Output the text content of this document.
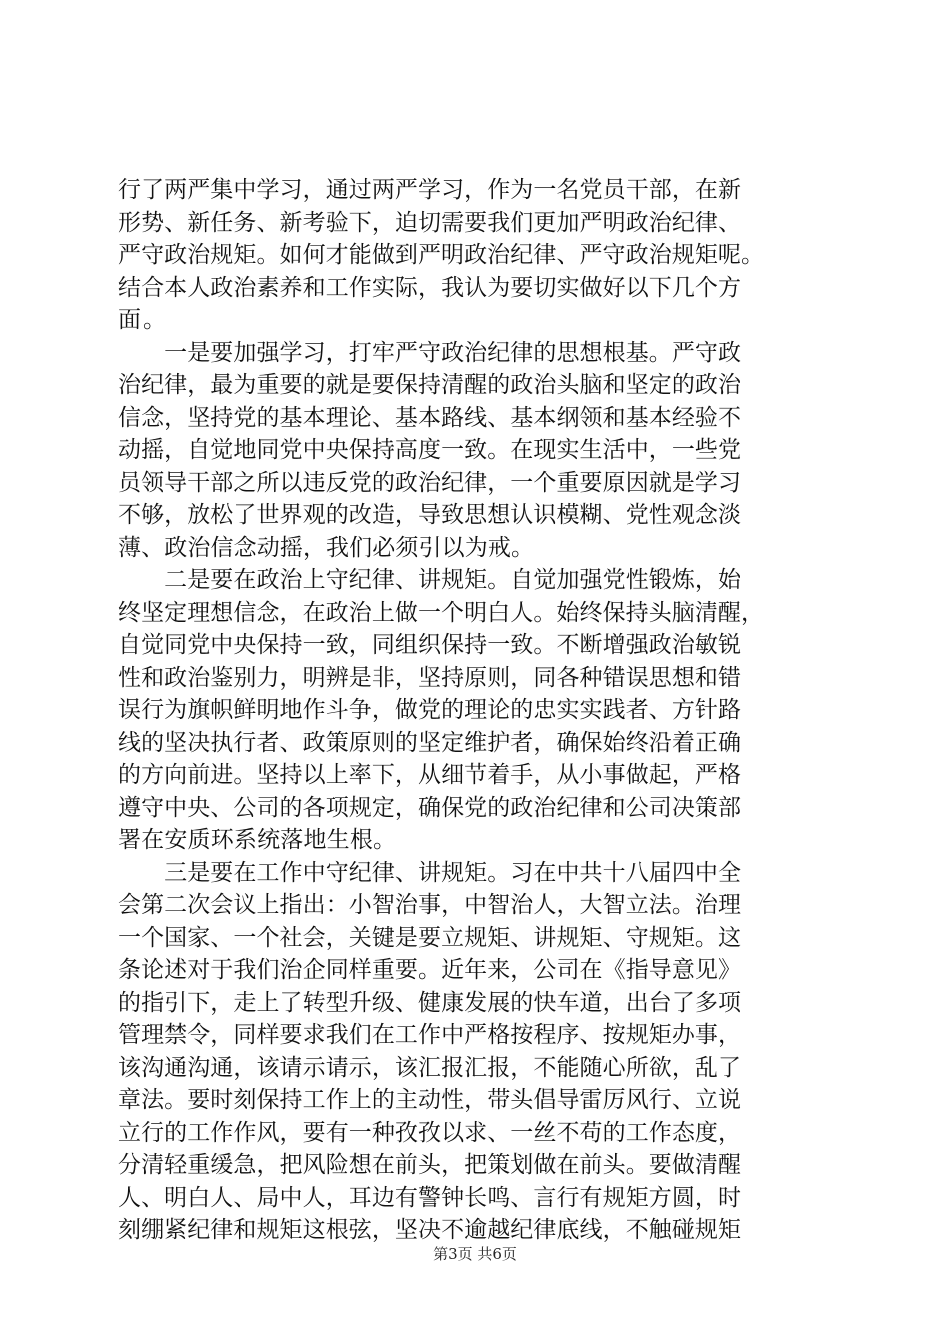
行了两严集中学习，通过两严学习，作为一名党员干部，在新
形势、新任务、新考验下，迫切需要我们更加严明政治纪律、
严守政治规矩。如何才能做到严明政治纪律、严守政治规矩呢。
结合本人政治素养和工作实际，我认为要切实做好以下几个方
面。
　　一是要加强学习，打牢严守政治纪律的思想根基。严守政
治纪律，最为重要的就是要保持清醒的政治头脑和坚定的政治
信念，坚持党的基本理论、基本路线、基本纲领和基本经验不
动摇，自觉地同党中央保持高度一致。在现实生活中，一些党
员领导干部之所以违反党的政治纪律，一个重要原因就是学习
不够，放松了世界观的改造，导致思想认识模糊、党性观念淡
薄、政治信念动摇，我们必须引以为戒。
　　二是要在政治上守纪律、讲规矩。自觉加强党性锻炼，始
终坚定理想信念，在政治上做一个明白人。始终保持头脑清醒，
自觉同党中央保持一致，同组织保持一致。不断增强政治敏锐
性和政治鉴别力，明辨是非，坚持原则，同各种错误思想和错
误行为旗帜鲜明地作斗争，做党的理论的忠实实践者、方针路
线的坚决执行者、政策原则的坚定维护者，确保始终沿着正确
的方向前进。坚持以上率下，从细节着手，从小事做起，严格
遵守中央、公司的各项规定，确保党的政治纪律和公司决策部
署在安质环系统落地生根。
　　三是要在工作中守纪律、讲规矩。习在中共十八届四中全
会第二次会议上指出：小智治事，中智治人，大智立法。治理
一个国家、一个社会，关键是要立规矩、讲规矩、守规矩。这
条论述对于我们治企同样重要。近年来，公司在《指导意见》
的指引下，走上了转型升级、健康发展的快车道，出台了多项
管理禁令，同样要求我们在工作中严格按程序、按规矩办事，
该沟通沟通，该请示请示，该汇报汇报，不能随心所欲，乱了
章法。要时刻保持工作上的主动性，带头倡导雷厉风行、立说
立行的工作作风，要有一种孜孜以求、一丝不苟的工作态度，
分清轻重缓急，把风险想在前头，把策划做在前头。要做清醒
人、明白人、局中人，耳边有警钟长鸣、言行有规矩方圆，时
刻绷紧纪律和规矩这根弦，坚决不逾越纪律底线，不触碰规矩
第3页 共6页
